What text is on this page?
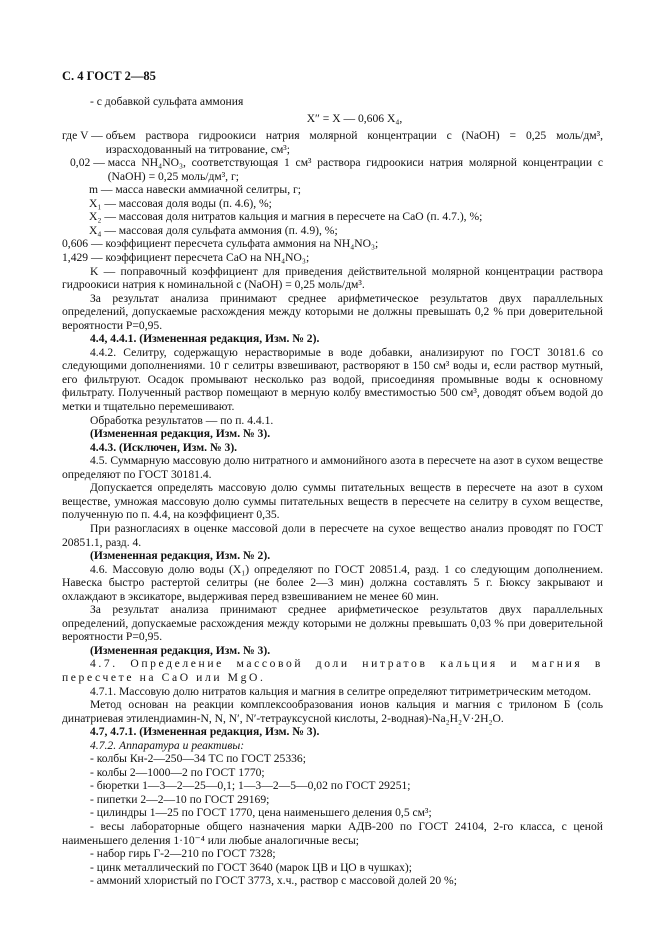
С. 4 ГОСТ 2—85

- с добавкой сульфата аммония

X″ = X — 0,606 X₄,

где V — объем раствора гидроокиси натрия молярной концентрации c (NaOH) = 0,25 моль/дм³, израсходованный на титрование, см³;
0,02 — масса NH₄NO₃, соответствующая 1 см³ раствора гидроокиси натрия молярной концентрации c (NaOH) = 0,25 моль/дм³, г;

m — масса навески аммиачной селитры, г;

X₁ — массовая доля воды (п. 4.6), %;

X₂ — массовая доля нитратов кальция и магния в пересчете на CaO (п. 4.7.), %;

X₄ — массовая доля сульфата аммония (п. 4.9), %;

0,606 — коэффициент пересчета сульфата аммония на NH₄NO₃;

1,429 — коэффициент пересчета CaO на NH₄NO₃;

K — поправочный коэффициент для приведения действительной молярной концентрации раствора гидроокиси натрия к номинальной c (NaOH) = 0,25 моль/дм³.

За результат анализа принимают среднее арифметическое результатов двух параллельных определений, допускаемые расхождения между которыми не должны превышать 0,2 % при доверительной вероятности P=0,95.

4.4, 4.4.1. (Измененная редакция, Изм. № 2).

4.4.2. Селитру, содержащую нерастворимые в воде добавки, анализируют по ГОСТ 30181.6 со следующими дополнениями. 10 г селитры взвешивают, растворяют в 150 см³ воды и, если раствор мутный, его фильтруют. Осадок промывают несколько раз водой, присоединяя промывные воды к основному фильтрату. Полученный раствор помещают в мерную колбу вместимостью 500 см³, доводят объем водой до метки и тщательно перемешивают.

Обработка результатов — по п. 4.4.1.

(Измененная редакция, Изм. № 3).

4.4.3. (Исключен, Изм. № 3).

4.5. Суммарную массовую долю нитратного и аммонийного азота в пересчете на азот в сухом веществе определяют по ГОСТ 30181.4.

Допускается определять массовую долю суммы питательных веществ в пересчете на азот в сухом веществе, умножая массовую долю суммы питательных веществ в пересчете на селитру в сухом веществе, полученную по п. 4.4, на коэффициент 0,35.

При разногласиях в оценке массовой доли в пересчете на сухое вещество анализ проводят по ГОСТ 20851.1, разд. 4.

(Измененная редакция, Изм. № 2).

4.6. Массовую долю воды (X₁) определяют по ГОСТ 20851.4, разд. 1 со следующим дополнением. Навеска быстро растертой селитры (не более 2—3 мин) должна составлять 5 г. Бюксу закрывают и охлаждают в эксикаторе, выдерживая перед взвешиванием не менее 60 мин.

За результат анализа принимают среднее арифметическое результатов двух параллельных определений, допускаемые расхождения между которыми не должны превышать 0,03 % при доверительной вероятности P=0,95.

(Измененная редакция, Изм. № 3).

4.7. Определение массовой доли нитратов кальция и магния в пересчете на CaO или MgO.

4.7.1. Массовую долю нитратов кальция и магния в селитре определяют титриметрическим методом.

Метод основан на реакции комплексообразования ионов кальция и магния с трилоном Б (соль динатриевая этилендиамин-N, N, N′, N′-тетрауксусной кислоты, 2-водная)-Na₂H₂V·2H₂O.

4.7, 4.7.1. (Измененная редакция, Изм. № 3).

4.7.2. Аппаратура и реактивы:

- колбы Кн-2—250—34 ТС по ГОСТ 25336;

- колбы 2—1000—2 по ГОСТ 1770;

- бюретки 1—3—2—25—0,1; 1—3—2—5—0,02 по ГОСТ 29251;

- пипетки 2—2—10 по ГОСТ 29169;

- цилиндры 1—25 по ГОСТ 1770, цена наименьшего деления 0,5 см³;

- весы лабораторные общего назначения марки АДВ-200 по ГОСТ 24104, 2-го класса, с ценой наименьшего деления 1·10⁻⁴ или любые аналогичные весы;

- набор гирь Г-2—210 по ГОСТ 7328;

- цинк металлический по ГОСТ 3640 (марок ЦВ и ЦО в чушках);

- аммоний хлористый по ГОСТ 3773, х.ч., раствор с массовой долей 20 %;
